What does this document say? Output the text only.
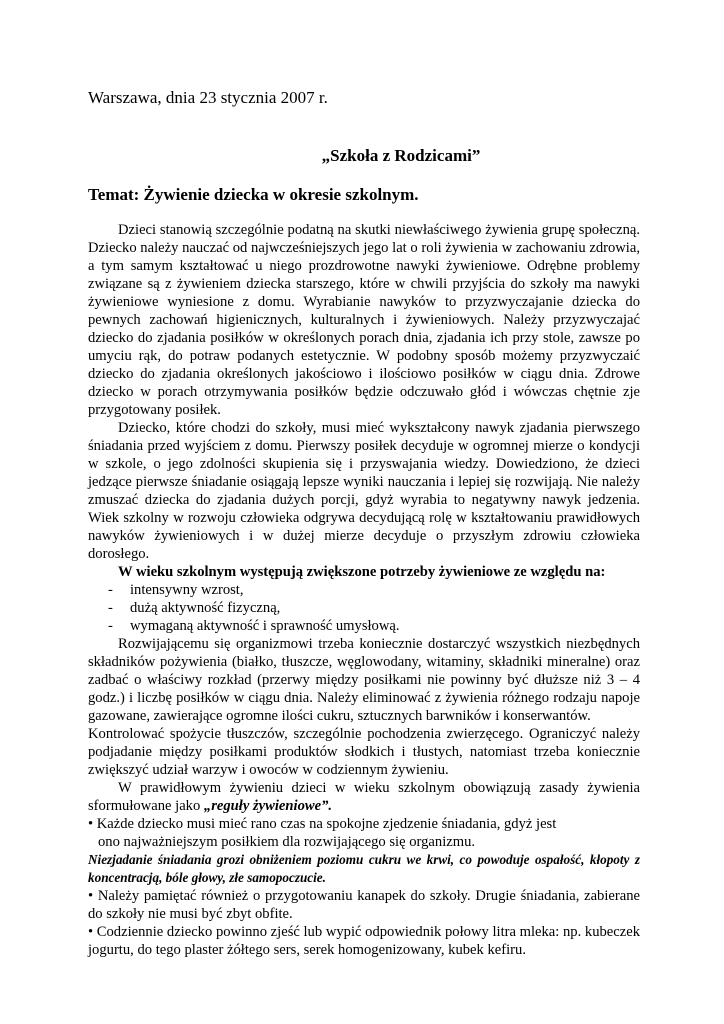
Warszawa, dnia 23 stycznia 2007 r.
„Szkoła z Rodzicami”
Temat: Żywienie dziecka w okresie szkolnym.

Dzieci stanowią szczególnie podatną na skutki niewłaściwego żywienia grupę społeczną. Dziecko należy nauczać od najwcześniejszych jego lat o roli żywienia w zachowaniu zdrowia, a tym samym kształtować u niego prozdrowotne nawyki żywieniowe. Odrębne problemy związane są z żywieniem dziecka starszego, które w chwili przyjścia do szkoły ma nawyki żywieniowe wyniesione z domu. Wyrabianie nawyków to przyzwyczajanie dziecka do pewnych zachowań higienicznych, kulturalnych i żywieniowych. Należy przyzwyczajać dziecko do zjadania posiłków w określonych porach dnia, zjadania ich przy stole, zawsze po umyciu rąk, do potraw podanych estetycznie. W podobny sposób możemy przyzwyczaić dziecko do zjadania określonych jakościowo i ilościowo posiłków w ciągu dnia. Zdrowe dziecko w porach otrzymywania posiłków będzie odczuwało głód i wówczas chętnie zje przygotowany posiłek.

Dziecko, które chodzi do szkoły, musi mieć wykształcony nawyk zjadania pierwszego śniadania przed wyjściem z domu. Pierwszy posiłek decyduje w ogromnej mierze o kondycji w szkole, o jego zdolności skupienia się i przyswajania wiedzy. Dowiedziono, że dzieci jedzące pierwsze śniadanie osiągają lepsze wyniki nauczania i lepiej się rozwijają. Nie należy zmuszać dziecka do zjadania dużych porcji, gdyż wyrabia to negatywny nawyk jedzenia. Wiek szkolny w rozwoju człowieka odgrywa decydującą rolę w kształtowaniu prawidłowych nawyków żywieniowych i w dużej mierze decyduje o przyszłym zdrowiu człowieka dorosłego.

W wieku szkolnym występują zwiększone potrzeby żywieniowe ze względu na:

- intensywny wzrost,

- dużą aktywność fizyczną,

- wymaganą aktywność i sprawność umysłową.

Rozwijającemu się organizmowi trzeba koniecznie dostarczyć wszystkich niezbędnych składników pożywienia (białko, tłuszcze, węglowodany, witaminy, składniki mineralne) oraz zadbać o właściwy rozkład (przerwy między posiłkami nie powinny być dłuższe niż 3 – 4 godz.) i liczbę posiłków w ciągu dnia. Należy eliminować z żywienia różnego rodzaju napoje gazowane, zawierające ogromne ilości cukru, sztucznych barwników i konserwantów.

Kontrolować spożycie tłuszczów, szczególnie pochodzenia zwierzęcego. Ograniczyć należy podjadanie między posiłkami produktów słodkich i tłustych, natomiast trzeba koniecznie zwiększyć udział warzyw i owoców w codziennym żywieniu.

W prawidłowym żywieniu dzieci w wieku szkolnym obowiązują zasady żywienia sformułowane jako „reguły żywieniowe”.

• Każde dziecko musi mieć rano czas na spokojne zjedzenie śniadania, gdyż jest

ono najważniejszym posiłkiem dla rozwijającego się organizmu.

Niezjadanie śniadania grozi obniżeniem poziomu cukru we krwi, co powoduje ospałość, kłopoty z koncentracją, bóle głowy, złe samopoczucie.

• Należy pamiętać również o przygotowaniu kanapek do szkoły. Drugie śniadania, zabierane do szkoły nie musi być zbyt obfite.

• Codziennie dziecko powinno zjeść lub wypić odpowiednik połowy litra mleka: np. kubeczek jogurtu, do tego plaster żółtego sers, serek homogenizowany, kubek kefiru.
